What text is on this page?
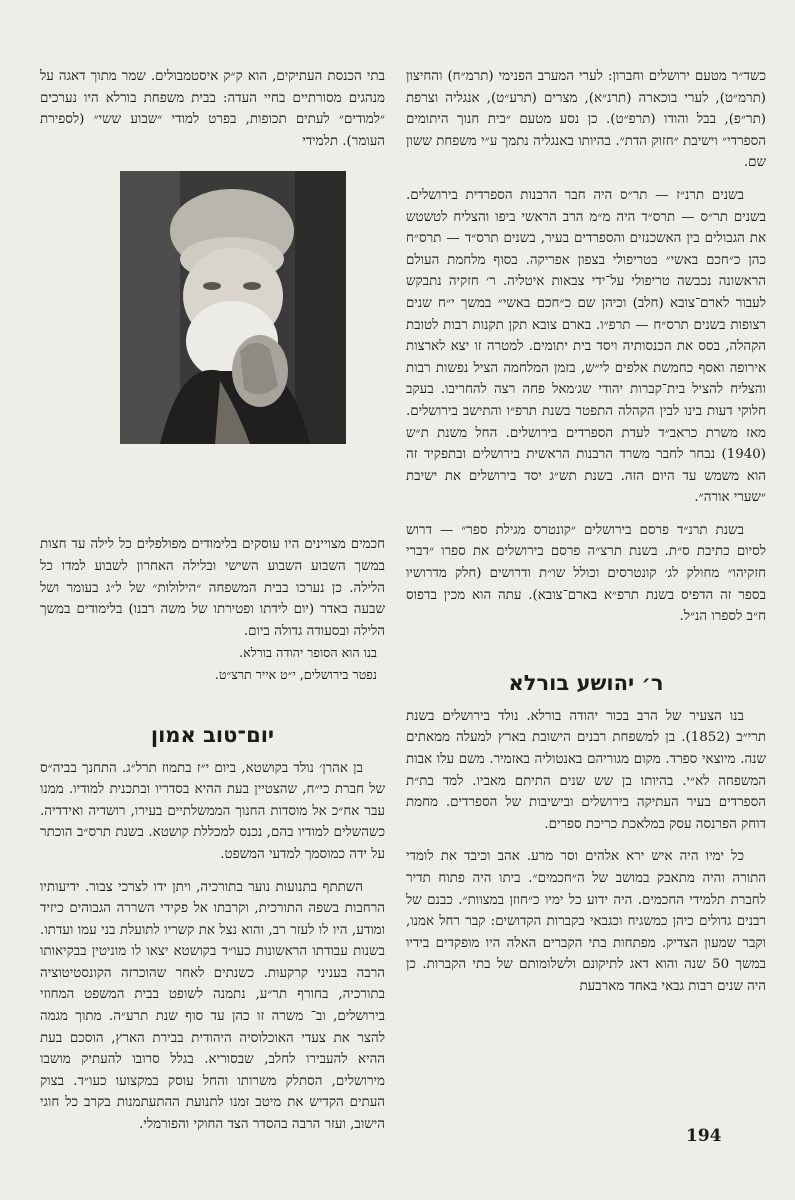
כשד״ר מטעם ירושלים וחברון: לערי המערב הפנימי (תרמ״ח) והחיצון (תרמ״ט), לערי בוכארה (תרנ״א), מצרים (תרע״ט), אנגליה וצרפת (תר״פ), בבל והודו (תרפ״ט). כן נסע מטעם ״בית חנוך היתומים הספרדי״ וישיבת ״חזוק הדת״. בהיותו באנגליה נתמך ע״י משפחת ששון שם.

בשנים תרנ״ז — תר״ס היה חבר הרבנות הספרדית בירושלים. בשנים תר״ס — תרס״ד היה מ״מ הרב הראשי ביפו והצליח לטשטש את הגבולים בין האשכנזים והספרדים בעיר, בשנים תרס״ד — תרס״ח כהן כ״חכם באשי״ בטריפולי בצפון אפריקה. בסוף מלחמת העולם הראשונה נכבשה טריפולי על־ידי צבאות איטליה. ר׳ חזקיה נתבקש לעבור לארם־צובא (חלב) וכיהן שם כ״חכם באשי״ במשך י״ח שנים רצופות בשנים תרס״ח — תרפ״ו. בארם צובא תקן תקנות רבות לטובת הקהלה, בסס את הכנסותיה ויסד בית יתומים. למטרה זו יצא לארצות אירופה ואסף כחמשת אלפים לי״ש, בזמן המלחמה הציל נפשות רבות והצליח להציל בית־קברות יהודי שג׳מאל פחה רצה להחריבו. בעקב חלוקי דעות בינו לבין הקהלה התפטר בשנת תרפ״ו והתישב בירושלים. מאז משרת כראב״ד לעדת הספרדים בירושלים. החל משנת ת״ש (1940) נבחר לחבר משרד הרבנות הראשית בירושלים ובתפקיד זה הוא משמש עד היום הזה. בשנת תש״ג יסד בירושלים את ישיבת ״שערי אורה״.

בשנת תרנ״ד פרסם בירושלים ״קונטרס מגילת ספר״ — דרוש לסיום כתיבת ס״ת. בשנת תרצ״ה פרסם בירושלים את ספרו ״דברי חזקיהו״ מחולק לג׳ קונטרסים וכולל שו״ת ודרושים (חלק מדרושיו בספר זה הדפיס בשנת תרפ״א בארם־צובא). עתה הוא מכין בדפוס ח״ב לספרו הנ״ל.

ר׳ יהושע בורלא

בנו הצעיר של הרב בכור יהודה בורלא. נולד בירושלים בשנת תרי״ב (1852). בן למשפחת רבנים הישובת בארץ למעלה ממאתים שנה. מיוצאי ספרד. מקום מגוריהם באנטוליה באזמיר. משם עלו אבות המשפחה לא״י. בהיותו בן שש שנים התיתם מאביו. למד בת״ת הספרדים בעיר העתיקה בירושלים ובישיבות של הספרדים. מחמת דוחק הפרנסה עסק במלאכת כריכת ספרים.

כל ימיו היה איש ירא אלהים וסר מרע. אהב וכיבד את לומדי התורה והיה מתאבק במושב של ה״חכמים״. ביתו היה פתוח תדיר לחברת תלמידי החכמים. היה ידוע כל ימיו כ״חוזן במצוות״. כבנם של רבנים גדולים כיהן כמשגיח וכגבאי בקברות הקדושים: קבר רחל אמנו, וקבר שמעון הצדיק. מפתחות בתי הקברים האלה היו מופקדים בידיו במשך 50 שנה והוא דאג לתיקונם ולשלומותם של בתי הקברות. כן היה שנים רבות גבאי באחד מארבעת

בתי הכנסת העתיקים, הוא ק״ק איסטמבולים. שמר מתוך דאגה על מנהגים מסורתיים בחיי העדה: בבית משפחת בורלא היו נערכים ״למודים״ לעתים תכופות, בפרט למודי ״שבוע ששי״ (לספירת העומר). תלמידי

חכמים מצויינים היו עוסקים בלימודים מפולפלים כל לילה עד חצות במשך השבוע השבוע השישי ובלילה האחרון לשבוע למדו כל הלילה. כן נערכו בבית המשפחה ״הילולות״ של ל״ג בעומר ושל שבעה באדר (יום לידתו ופטירתו של משה רבנו) בלימודים במשך הלילה ובסעודה גדולה ביום.

בנו הוא הסופר יהודה בורלא.

נפטר בירושלים, י״ט אייר תרצ״ט.

יום־טוב אמון

בן אהרן׳ נולד בקושטא, ביום י״ז בתמוז תרל״ג. התחנך בביה״ס של חברת כי״ח, שהצטיין בעת ההיא בסדריו ובתכנית למודיו. ממנו עבר אח״כ אל מוסדות החנוך הממשלתיים בעירו, רושדיה ואידדיה. כשהשלים למודיו בהם, נכנס למכללת קושטא. בשנת תרס״ב הוכתר על ידה כמוסמך למדעי המשפט.

השתתף בתנועות נוער בתורכיה, ויתן ידו לצרכי צבור. ידיעותיו הרחבות בשפה התורכית, וקרבתו אל פקידי השררה הגבוהים כיזיד ומודע, היו לו לעזר רב, והוא נצל את קשריו לתועלת בני עמו ועדתו. בשנות עבודתו הראשונות כעו״ד בקושטא יצאו לו מוניטין בבקיאותו הרבה בעניני קרקעות. כשנתים לאחר שהוכרזה הקונסטיטוציה בתורכיה, בחורף תר״ע, נתמנה לשופט בבית המשפט המחוזי בירושלים, וב־ משרה זו כהן עד סוף שנת תרע״ה. מתוך מגמה להצר את צעדי האוכלוסיה היהודית בבירת הארץ, הוסכם בעת ההיא להעבירו לחלב, שבסוריא. בגלל סרובו להעתיק מושבו מירושלים, הסתלק משרותו והחל עוסק במקצועו כעו״ד. בצוק העתים הקדיש את מיטב זמנו לתנועת ההתעתמנות בקרב כל חוגי הישוב, ועזר הרבה בהסדר הצד החוקי והפורמלי.

194
